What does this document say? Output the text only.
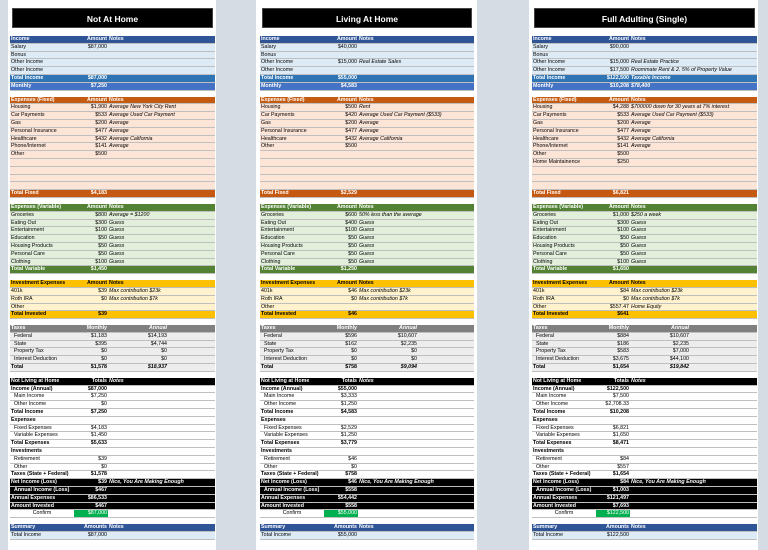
Not At Home
Income	Amount Notes
Salary	$87,000
Bonus
Other Income
Other Income
Total Income	$87,000
Monthly	$7,250
Expenses (Fixed)	Amount Notes
Housing	$1,900 Average New York City Rent
Car Payments	$533 Average Used Car Payment
Gas	$200 Average
Personal Insurance	$477 Average
Healthcare	$432 Average California
Phone/Internet	$141 Average
Other	$500
Total Fixed	$4,183
Expenses (Variable)	Amount Notes
Groceries	$800 Average = $1200
Eating Out	$300 Guess
Entertainment	$100 Guess
Education	$50 Guess
Housing Products	$50 Guess
Personal Care	$50 Guess
Clothing	$100 Guess
Total Variable	$1,450
Investment Expenses	Amount Notes
401k	$39 Max contribution $23k
Roth IRA	$0 Max contribution $7k
Other
Total Invested	$39
Taxes	Monthly	Annual
Federal	$1,183	$14,193
State	$395	$4,744
Property Tax	$0	$0
Interest Deduction	$0	$0
Total	$1,578	$18,937
Not Living at Home	Totals Notes
Income (Annual)	$87,000
Main Income	$7,250
Other Income	$0
Total Income	$7,250
Expenses
Fixed Expenses	$4,183
Variable Expenses	$1,450
Total Expenses	$5,633
Investments
Retirement	$39
Other	$0
Taxes (State + Federal)	$1,578
Net Income (Loss)	$39 Nice, You Are Making Enough
Annual Income (Loss)	$467
Annual Expenses	$86,533
Amount Invested	$467
Confirm	$87,000
Summary	Amounts Notes
Total Income	$87,000
Living At Home
Income	Amount Notes
Salary	$40,000
Bonus
Other Income	$15,000 Real Estate Sales
Other Income
Total Income	$55,000
Monthly	$4,583
Expenses (Fixed)	Amount Notes
Housing	$500 Rent
Car Payments	$420 Average Used Car Payment ($533)
Gas	$200 Average
Personal Insurance	$477 Average
Healthcare	$432 Average California
Other	$500
Total Fixed	$2,529
Expenses (Variable)	Amount Notes
Groceries	$600 50% less than the average
Eating Out	$400 Guess
Entertainment	$100 Guess
Education	$50 Guess
Housing Products	$50 Guess
Personal Care	$50 Guess
Clothing	$50 Guess
Total Variable	$1,250
Investment Expenses	Amount Notes
401k	$46 Max contribution $23k
Roth IRA	$0 Max contribution $7k
Other
Total Invested	$46
Taxes	Monthly	Annual
Federal	$596	$10,607
State	$162	$2,235
Property Tax	$0	$0
Interest Deduction	$0	$0
Total	$758	$9,094
Not Living at Home	Totals Notes
Income (Annual)	$55,000
Main Income	$3,333
Other Income	$1,250
Total Income	$4,583
Expenses
Fixed Expenses	$2,529
Variable Expenses	$1,250
Total Expenses	$3,779
Investments
Retirement	$46
Other	$0
Taxes (State + Federal)	$758
Net Income (Loss)	$46 Nice, You Are Making Enough
Annual Income (Loss)	$558
Annual Expenses	$54,442
Amount Invested	$558
Confirm	$55,000
Summary	Amounts Notes
Total Income	$55,000
Full Adulting (Single)
Income	Amount Notes
Salary	$90,000
Bonus
Other Income	$15,000 Real Estate Practice
Other Income	$17,500 Roommate Rent & 2. 5% of Property Value
Total Income	$122,500 Taxable Income
Monthly	$10,208 $78,400
Expenses (Fixed)	Amount Notes
Housing	$4,288 $700000 down for 30 years at 7% interest
Car Payments	$533 Average Used Car Payment ($533)
Gas	$200 Average
Personal Insurance	$477 Average
Healthcare	$432 Average California
Phone/Internet	$141 Average
Other	$500
Home Maintainence	$250
Total Fixed	$6,821
Expenses (Variable)	Amount Notes
Groceries	$1,000 $250 a week
Eating Out	$300 Guess
Entertainment	$100 Guess
Education	$50 Guess
Housing Products	$50 Guess
Personal Care	$50 Guess
Clothing	$100 Guess
Total Variable	$1,650
Investment Expenses	Amount Notes
401k	$84 Max contribution $23k
Roth IRA	$0 Max contribution $7k
Other	$557.47 Home Equity
Total Invested	$641
Taxes	Monthly	Annual
Federal	$884	$10,607
State	$186	$2,235
Property Tax	$583	$7,000
Interest Deduction	$3,675	$44,100
Total	$1,654	$19,842
Not Living at Home	Totals Notes
Income (Annual)	$122,500
Main Income	$7,500
Other Income	$2,708.33
Total Income	$10,208
Expenses
Fixed Expenses	$6,821
Variable Expenses	$1,650
Total Expenses	$8,471
Investments
Retirement	$84
Other	$557
Taxes (State + Federal)	$1,654
Net Income (Loss)	$84 Nice, You Are Making Enough
Annual Income (Loss)	$1,003
Annual Expenses	$121,497
Amount Invested	$7,693
Confirm	$122,500
Summary	Amounts Notes
Total Income	$122,500
